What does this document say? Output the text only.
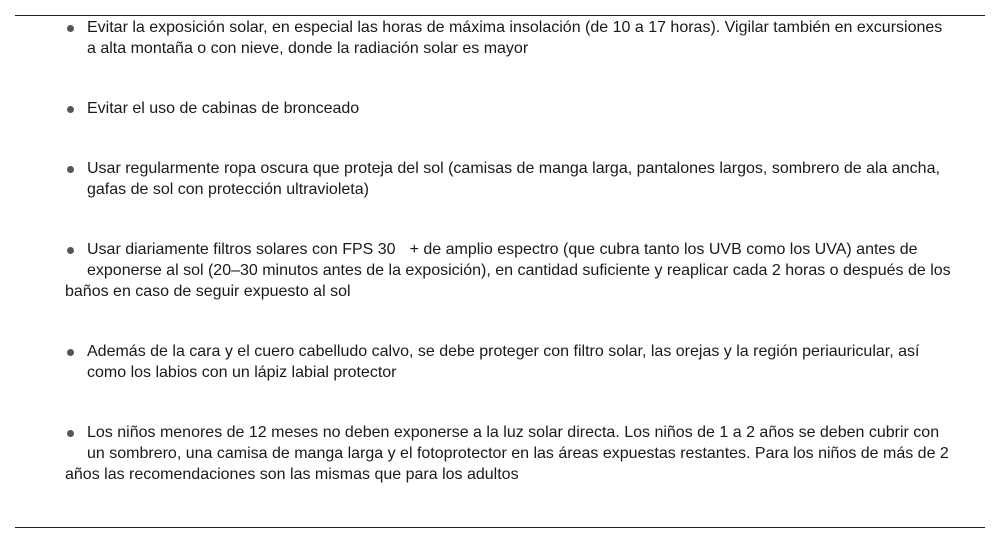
Evitar la exposición solar, en especial las horas de máxima insolación (de 10 a 17 horas). Vigilar también en excursiones
a alta montaña o con nieve, donde la radiación solar es mayor
Evitar el uso de cabinas de bronceado
Usar regularmente ropa oscura que proteja del sol (camisas de manga larga, pantalones largos, sombrero de ala ancha,
gafas de sol con protección ultravioleta)
Usar diariamente filtros solares con FPS 30 + de amplio espectro (que cubra tanto los UVB como los UVA) antes de
exponerse al sol (20–30 minutos antes de la exposición), en cantidad suficiente y reaplicar cada 2 horas o después de los
baños en caso de seguir expuesto al sol
Además de la cara y el cuero cabelludo calvo, se debe proteger con filtro solar, las orejas y la región periauricular, así
como los labios con un lápiz labial protector
Los niños menores de 12 meses no deben exponerse a la luz solar directa. Los niños de 1 a 2 años se deben cubrir con
un sombrero, una camisa de manga larga y el fotoprotector en las áreas expuestas restantes. Para los niños de más de 2
años las recomendaciones son las mismas que para los adultos
